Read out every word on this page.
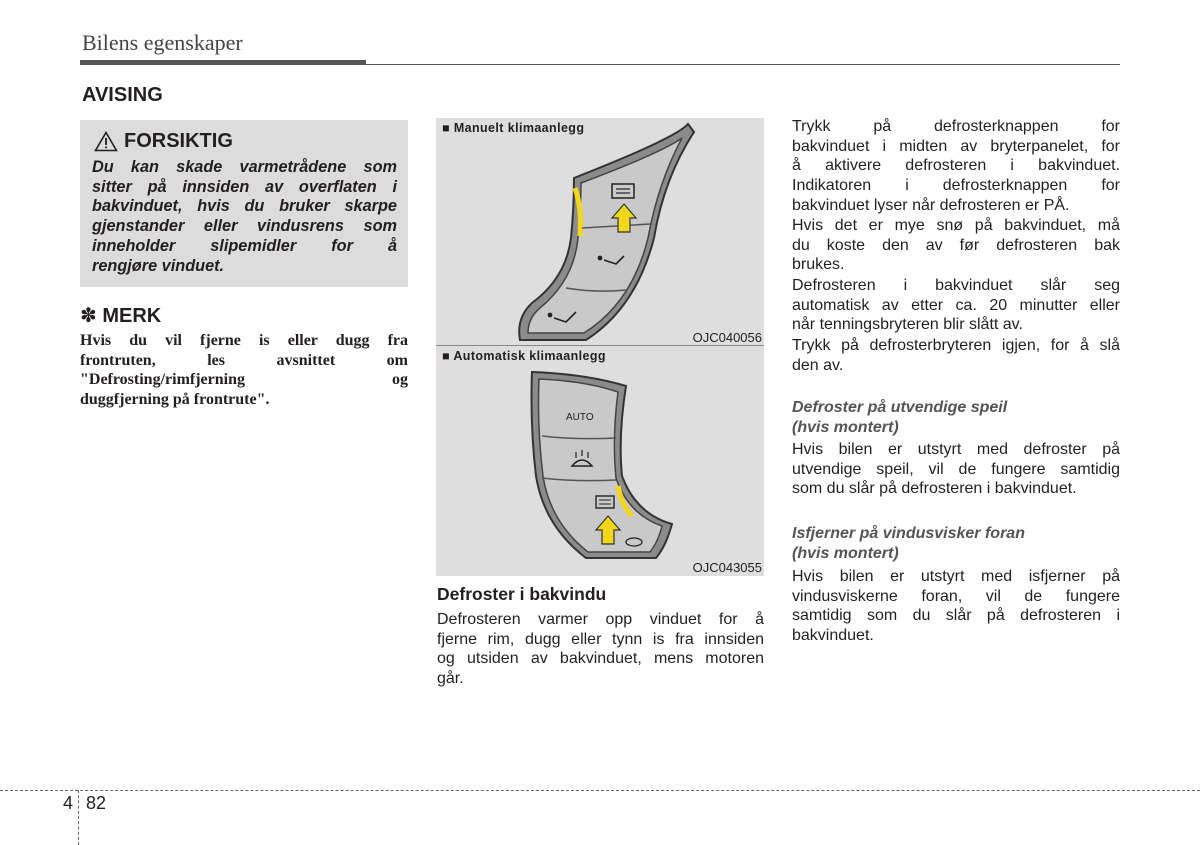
Bilens egenskaper
AVISING
FORSIKTIG
Du kan skade varmetrådene som
sitter på innsiden av overflaten i
bakvinduet, hvis du bruker skarpe
gjenstander eller vindusrens som
inneholder slipemidler for å
rengjøre vinduet.
✽ MERK
Hvis du vil fjerne is eller dugg fra
frontruten, les avsnittet om
"Defrosting/rimfjerning og
duggfjerning på frontrute".
■ Manuelt klimaanlegg
OJC040056
■ Automatisk klimaanlegg
AUTO
OJC043055
Defroster i bakvindu
Defrosteren varmer opp vinduet for å
fjerne rim, dugg eller tynn is fra innsiden
og utsiden av bakvinduet, mens motoren
går.
Trykk på defrosterknappen for
bakvinduet i midten av bryterpanelet, for
å aktivere defrosteren i bakvinduet.
Indikatoren i defrosterknappen for
bakvinduet lyser når defrosteren er PÅ.
Hvis det er mye snø på bakvinduet, må
du koste den av før defrosteren bak
brukes.
Defrosteren i bakvinduet slår seg
automatisk av etter ca. 20 minutter eller
når tenningsbryteren blir slått av.
Trykk på defrosterbryteren igjen, for å slå
den av.
Defroster på utvendige speil
(hvis montert)
Hvis bilen er utstyrt med defroster på
utvendige speil, vil de fungere samtidig
som du slår på defrosteren i bakvinduet.
Isfjerner på vindusvisker foran
(hvis montert)
Hvis bilen er utstyrt med isfjerner på
vindusviskerne foran, vil de fungere
samtidig som du slår på defrosteren i
bakvinduet.
4 82
